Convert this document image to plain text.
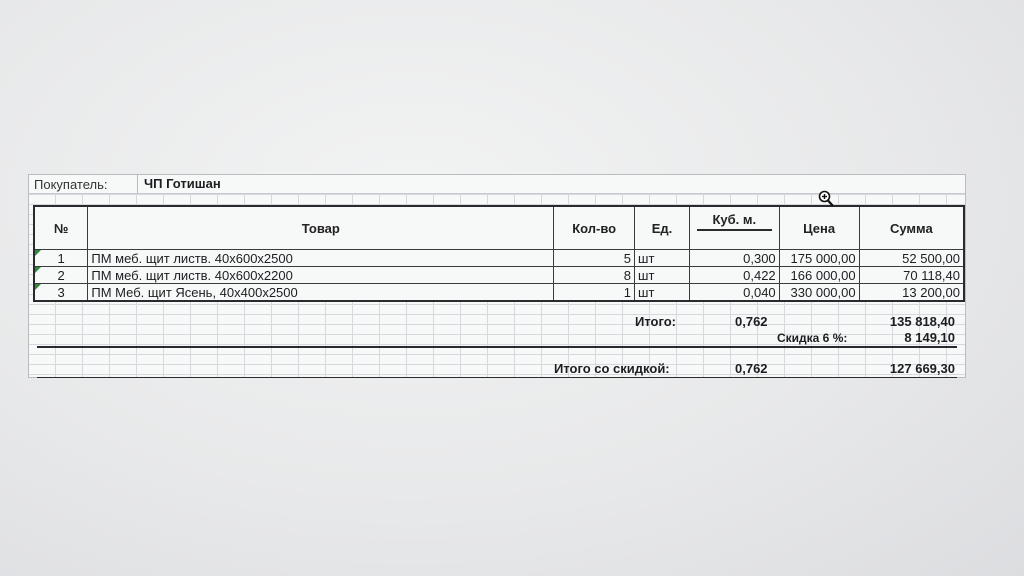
Покупатель:	ЧП Готишан
№	Товар	Кол-во	Ед.	Куб. м.	Цена	Сумма
1	ПМ меб. щит листв. 40х600х2500	5	шт	0,300	175 000,00	52 500,00
2	ПМ меб. щит листв. 40х600х2200	8	шт	0,422	166 000,00	70 118,40
3	ПМ Меб. щит Ясень, 40х400х2500	1	шт	0,040	330 000,00	13 200,00
Итого:	0,762	135 818,40
Скидка 6 %:	8 149,10
Итого со скидкой:	0,762	127 669,30
